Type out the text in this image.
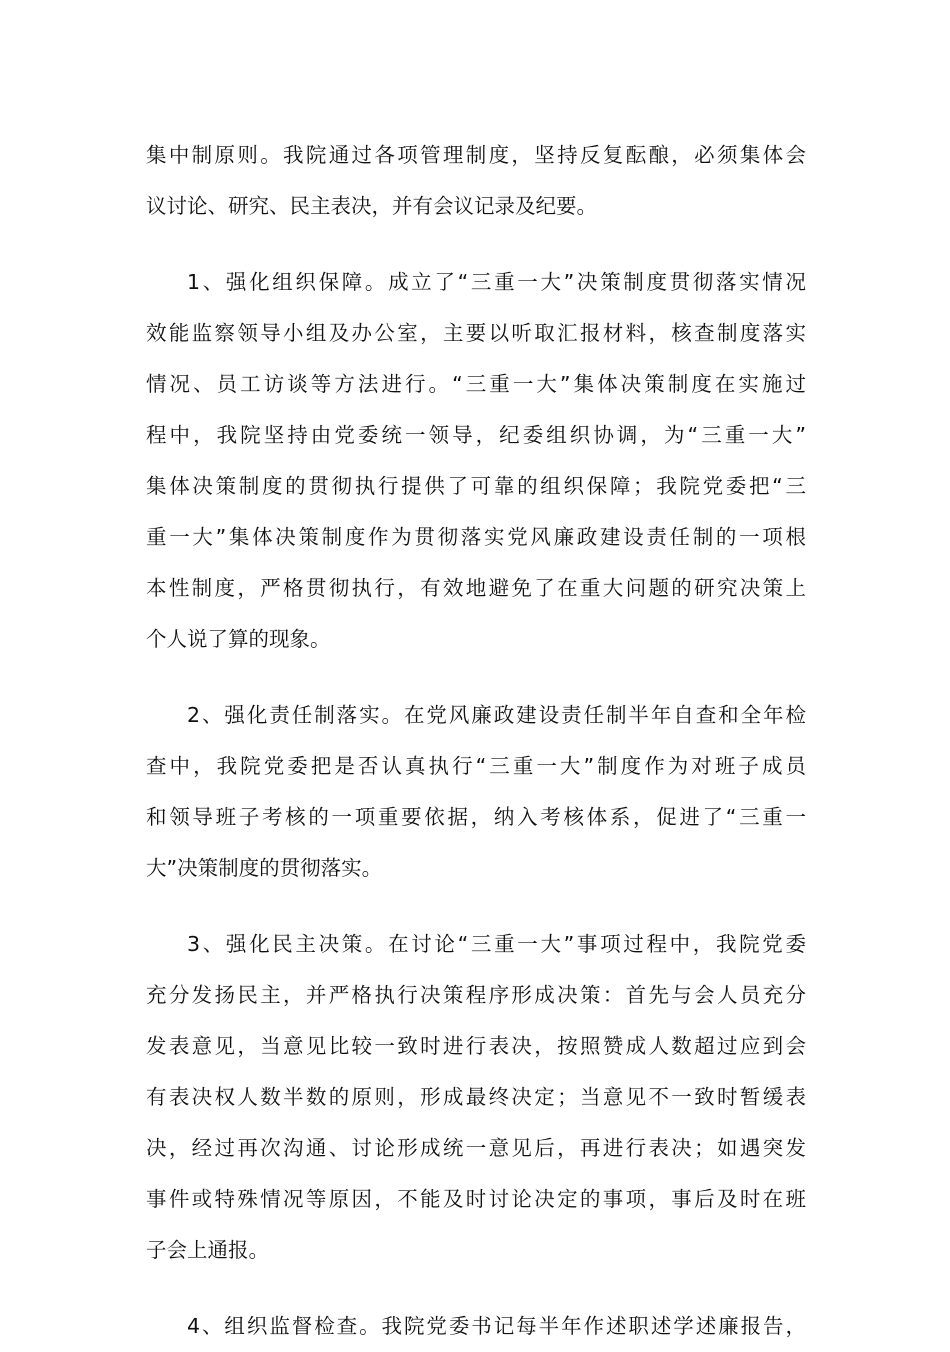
集中制原则。我院通过各项管理制度，坚持反复酝酿，必须集体会
议讨论、研究、民主表决，并有会议记录及纪要。
1、强化组织保障。成立了“三重一大”决策制度贯彻落实情况
效能监察领导小组及办公室，主要以听取汇报材料，核查制度落实
情况、员工访谈等方法进行。“三重一大”集体决策制度在实施过
程中，我院坚持由党委统一领导，纪委组织协调，为“三重一大”
集体决策制度的贯彻执行提供了可靠的组织保障；我院党委把“三
重一大”集体决策制度作为贯彻落实党风廉政建设责任制的一项根
本性制度，严格贯彻执行，有效地避免了在重大问题的研究决策上
个人说了算的现象。
2、强化责任制落实。在党风廉政建设责任制半年自查和全年检
查中，我院党委把是否认真执行“三重一大”制度作为对班子成员
和领导班子考核的一项重要依据，纳入考核体系，促进了“三重一
大”决策制度的贯彻落实。
3、强化民主决策。在讨论“三重一大”事项过程中，我院党委
充分发扬民主，并严格执行决策程序形成决策：首先与会人员充分
发表意见，当意见比较一致时进行表决，按照赞成人数超过应到会
有表决权人数半数的原则，形成最终决定；当意见不一致时暂缓表
决，经过再次沟通、讨论形成统一意见后，再进行表决；如遇突发
事件或特殊情况等原因，不能及时讨论决定的事项，事后及时在班
子会上通报。
4、组织监督检查。我院党委书记每半年作述职述学述廉报告，
